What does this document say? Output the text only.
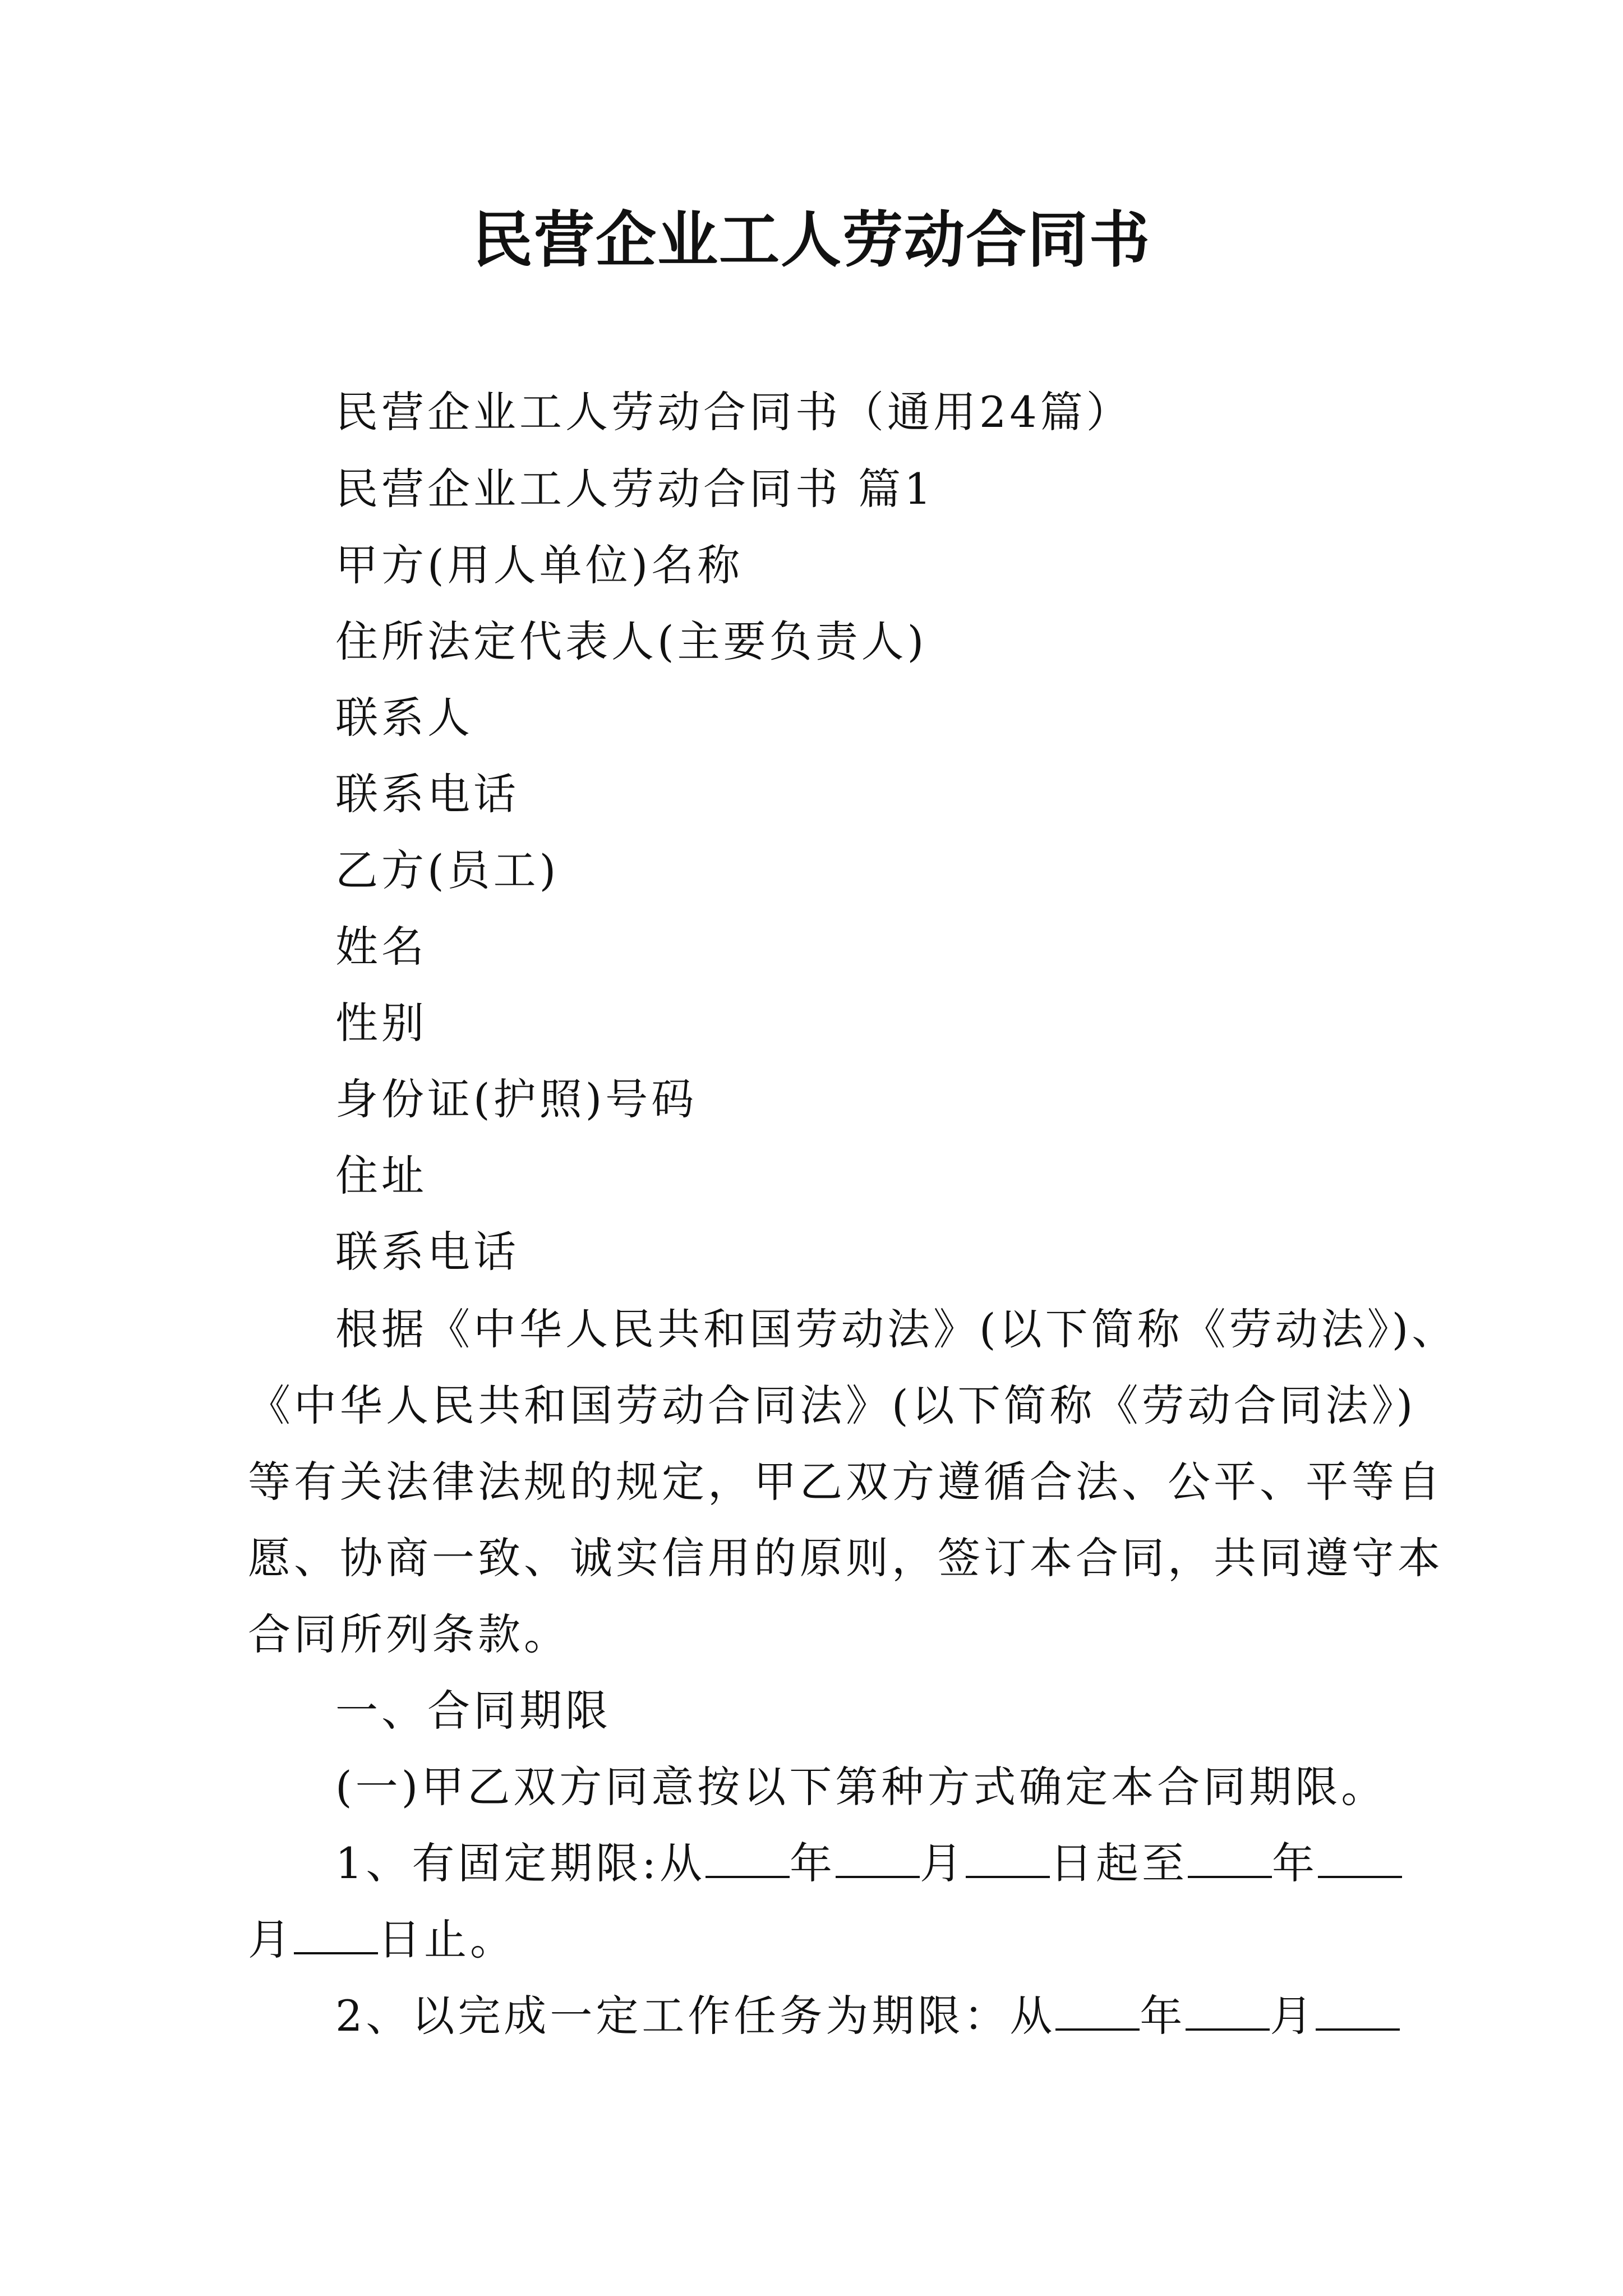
民营企业工人劳动合同书
民营企业工人劳动合同书（通用24篇）
民营企业工人劳动合同书 篇1
甲方(用人单位)名称
住所法定代表人(主要负责人)
联系人
联系电话
乙方(员工)
姓名
性别
身份证(护照)号码
住址
联系电话
根据《中华人民共和国劳动法》(以下简称《劳动法》)、
《中华人民共和国劳动合同法》(以下简称《劳动合同法》)
等有关法律法规的规定，甲乙双方遵循合法、公平、平等自
愿、协商一致、诚实信用的原则，签订本合同，共同遵守本
合同所列条款。
一、合同期限
(一)甲乙双方同意按以下第种方式确定本合同期限。
1、有固定期限:从 年 月 日起至 年
月 日止。
2、以完成一定工作任务为期限：从 年 月
